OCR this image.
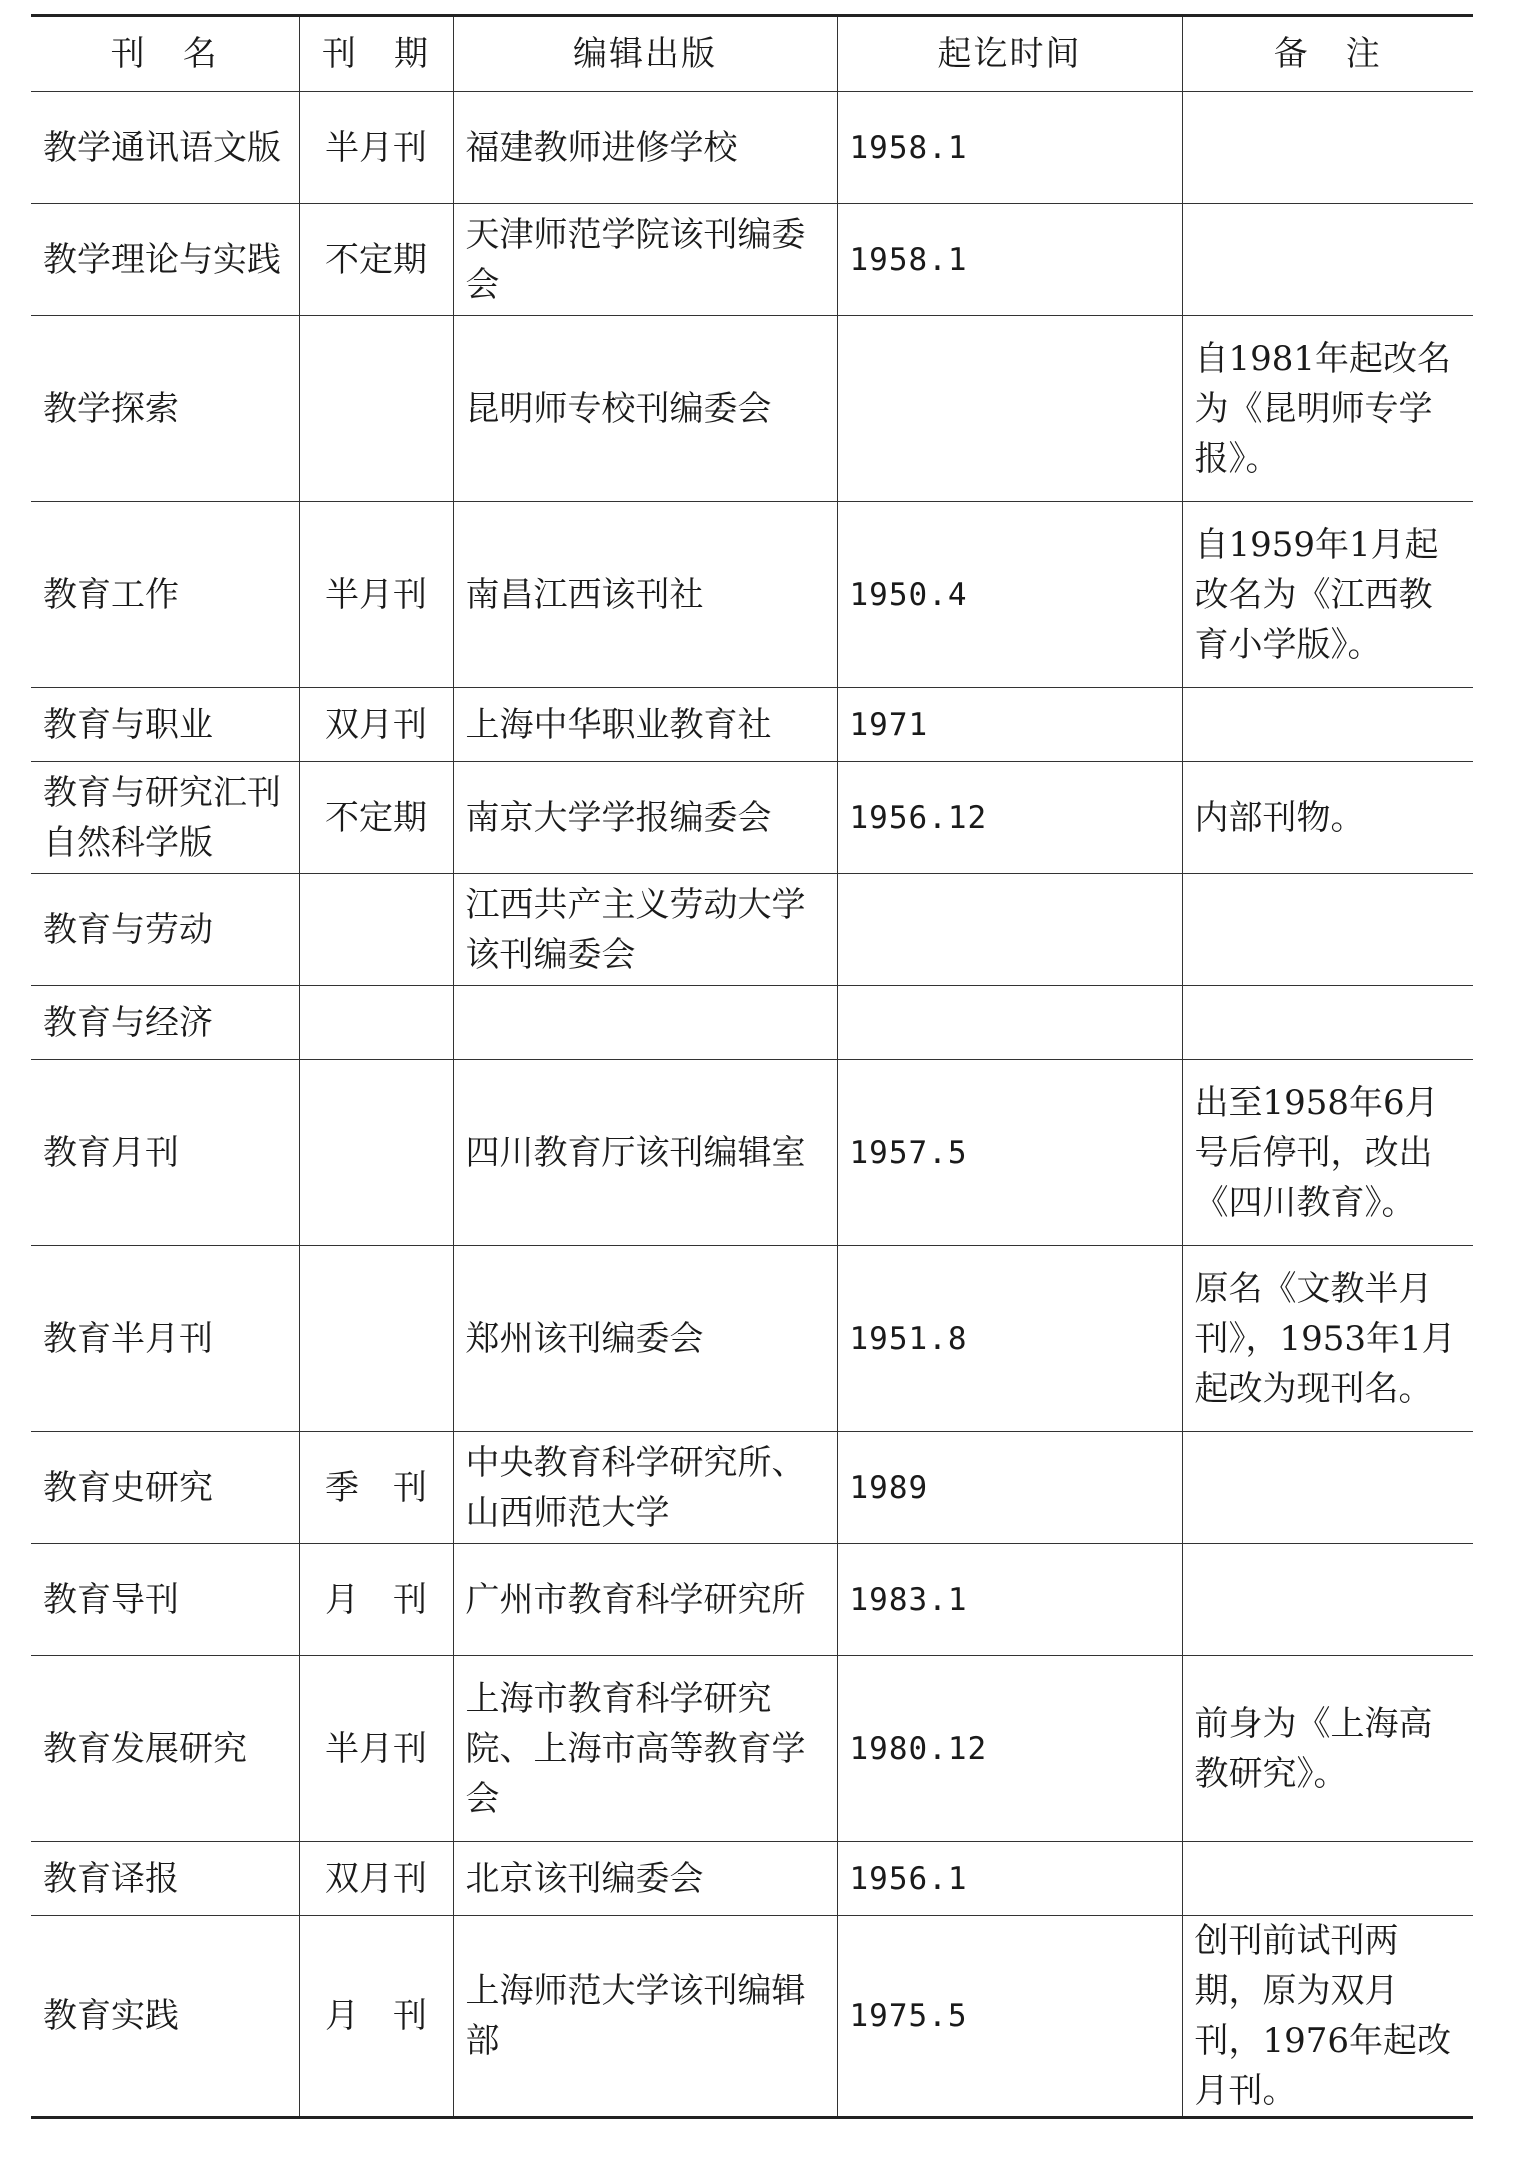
刊　名	刊　期	编辑出版	起讫时间	备　注
教学通讯语文版	半月刊	福建教师进修学校	1958.1	
教学理论与实践	不定期	天津师范学院该刊编委会	1958.1	
教学探索		昆明师专校刊编委会		自1981年起改名为《昆明师专学报》。
教育工作	半月刊	南昌江西该刊社	1950.4	自1959年1月起改名为《江西教育小学版》。
教育与职业	双月刊	上海中华职业教育社	1971	
教育与研究汇刊自然科学版	不定期	南京大学学报编委会	1956.12	内部刊物。
教育与劳动		江西共产主义劳动大学该刊编委会		
教育与经济				
教育月刊		四川教育厅该刊编辑室	1957.5	出至1958年6月号后停刊，改出《四川教育》。
教育半月刊		郑州该刊编委会	1951.8	原名《文教半月刊》，1953年1月起改为现刊名。
教育史研究	季　刊	中央教育科学研究所、山西师范大学	1989	
教育导刊	月　刊	广州市教育科学研究所	1983.1	
教育发展研究	半月刊	上海市教育科学研究院、上海市高等教育学会	1980.12	前身为《上海高教研究》。
教育译报	双月刊	北京该刊编委会	1956.1	
教育实践	月　刊	上海师范大学该刊编辑部	1975.5	创刊前试刊两期，原为双月刊，1976年起改月刊。
